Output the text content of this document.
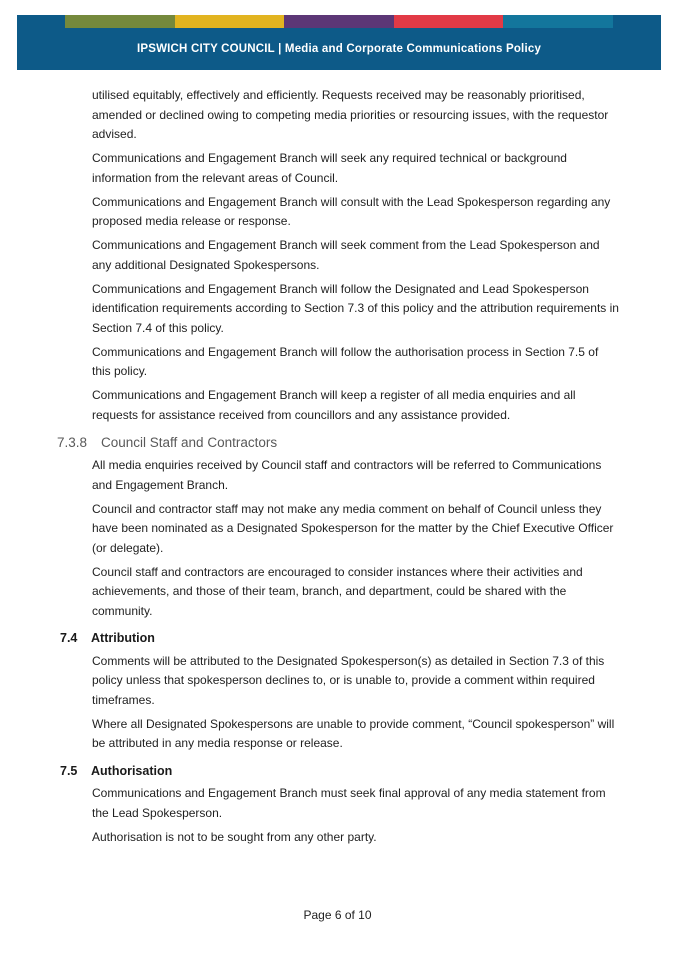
IPSWICH CITY COUNCIL | Media and Corporate Communications Policy

utilised equitably, effectively and efficiently. Requests received may be reasonably prioritised, amended or declined owing to competing media priorities or resourcing issues, with the requestor advised.

Communications and Engagement Branch will seek any required technical or background information from the relevant areas of Council.

Communications and Engagement Branch will consult with the Lead Spokesperson regarding any proposed media release or response.

Communications and Engagement Branch will seek comment from the Lead Spokesperson and any additional Designated Spokespersons.

Communications and Engagement Branch will follow the Designated and Lead Spokesperson identification requirements according to Section 7.3 of this policy and the attribution requirements in Section 7.4 of this policy.

Communications and Engagement Branch will follow the authorisation process in Section 7.5 of this policy.

Communications and Engagement Branch will keep a register of all media enquiries and all requests for assistance received from councillors and any assistance provided.

7.3.8	Council Staff and Contractors

All media enquiries received by Council staff and contractors will be referred to Communications and Engagement Branch.

Council and contractor staff may not make any media comment on behalf of Council unless they have been nominated as a Designated Spokesperson for the matter by the Chief Executive Officer (or delegate).

Council staff and contractors are encouraged to consider instances where their activities and achievements, and those of their team, branch, and department, could be shared with the community.

7.4	Attribution

Comments will be attributed to the Designated Spokesperson(s) as detailed in Section 7.3 of this policy unless that spokesperson declines to, or is unable to, provide a comment within required timeframes.

Where all Designated Spokespersons are unable to provide comment, “Council spokesperson” will be attributed in any media response or release.

7.5	Authorisation

Communications and Engagement Branch must seek final approval of any media statement from the Lead Spokesperson.

Authorisation is not to be sought from any other party.

Page 6 of 10
